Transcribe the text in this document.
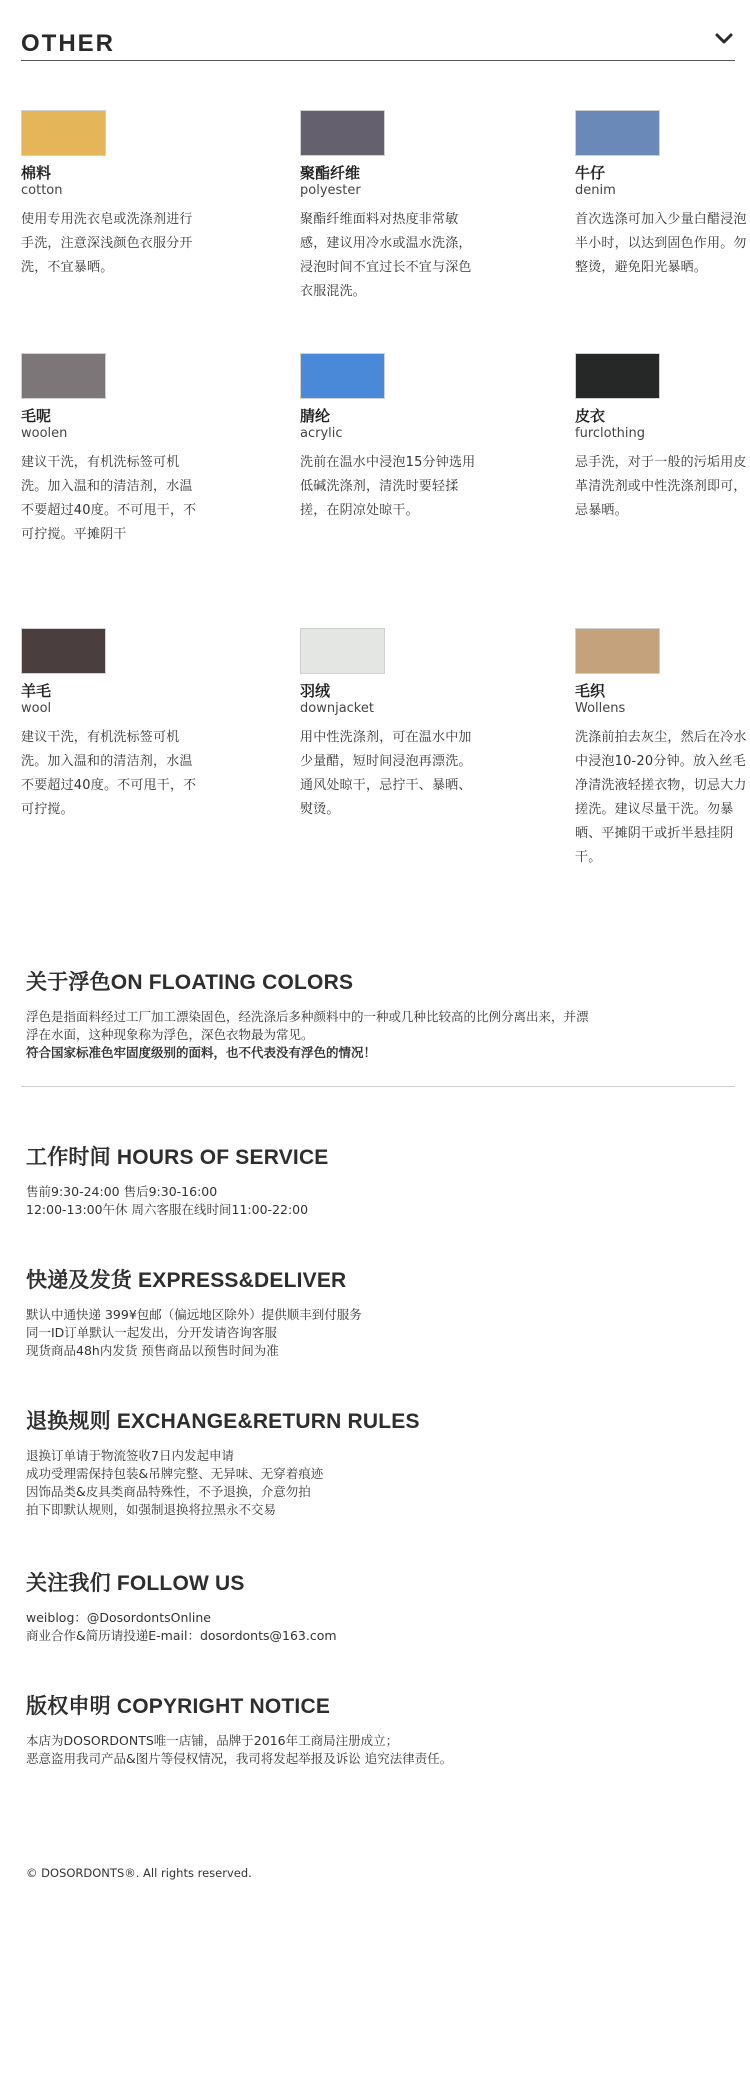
OTHER
棉料
cotton
使用专用洗衣皂或洗涤剂进行手洗，注意深浅颜色衣服分开洗，不宜暴晒。
聚酯纤维
polyester
聚酯纤维面料对热度非常敏感，建议用冷水或温水洗涤，浸泡时间不宜过长不宜与深色衣服混洗。
牛仔
denim
首次选涤可加入少量白醋浸泡半小时，以达到固色作用。勿整烫，避免阳光暴晒。
毛呢
woolen
建议干洗，有机洗标签可机洗。加入温和的清洁剂，水温不要超过40度。不可甩干，不可拧搅。平摊阴干
腈纶
acrylic
洗前在温水中浸泡15分钟选用低碱洗涤剂，清洗时要轻揉搓，在阴凉处晾干。
皮衣
furclothing
忌手洗，对于一般的污垢用皮革清洗剂或中性洗涤剂即可，忌暴晒。
羊毛
wool
建议干洗，有机洗标签可机洗。加入温和的清洁剂，水温不要超过40度。不可甩干，不可拧搅。
羽绒
downjacket
用中性洗涤剂，可在温水中加少量醋，短时间浸泡再漂洗。通风处晾干，忌拧干、暴晒、熨烫。
毛织
Wollens
洗涤前拍去灰尘，然后在冷水中浸泡10-20分钟。放入丝毛净清洗液轻搓衣物，切忌大力搓洗。建议尽量干洗。勿暴晒、平摊阴干或折半悬挂阴干。
关于浮色ON FLOATING COLORS
浮色是指面料经过工厂加工漂染固色，经洗涤后多种颜料中的一种或几种比较高的比例分离出来，并漂
浮在水面，这种现象称为浮色，深色衣物最为常见。
符合国家标准色牢固度级别的面料，也不代表没有浮色的情况！
工作时间 HOURS OF SERVICE
售前9:30-24:00 售后9:30-16:00
12:00-13:00午休 周六客服在线时间11:00-22:00
快递及发货 EXPRESS&DELIVER
默认中通快递 399¥包邮（偏远地区除外）提供顺丰到付服务
同一ID订单默认一起发出，分开发请咨询客服
现货商品48h内发货 预售商品以预售时间为准
退换规则 EXCHANGE&RETURN RULES
退换订单请于物流签收7日内发起申请
成功受理需保持包装&吊牌完整、无异味、无穿着痕迹
因饰品类&皮具类商品特殊性，不予退换，介意勿拍
拍下即默认规则，如强制退换将拉黑永不交易
关注我们 FOLLOW US
weiblog：@DosordontsOnline
商业合作&简历请投递E-mail：dosordonts@163.com
版权申明 COPYRIGHT NOTICE
本店为DOSORDONTS唯一店铺，品牌于2016年工商局注册成立；
恶意盗用我司产品&图片等侵权情况，我司将发起举报及诉讼 追究法律责任。
© DOSORDONTS®. All rights reserved.
